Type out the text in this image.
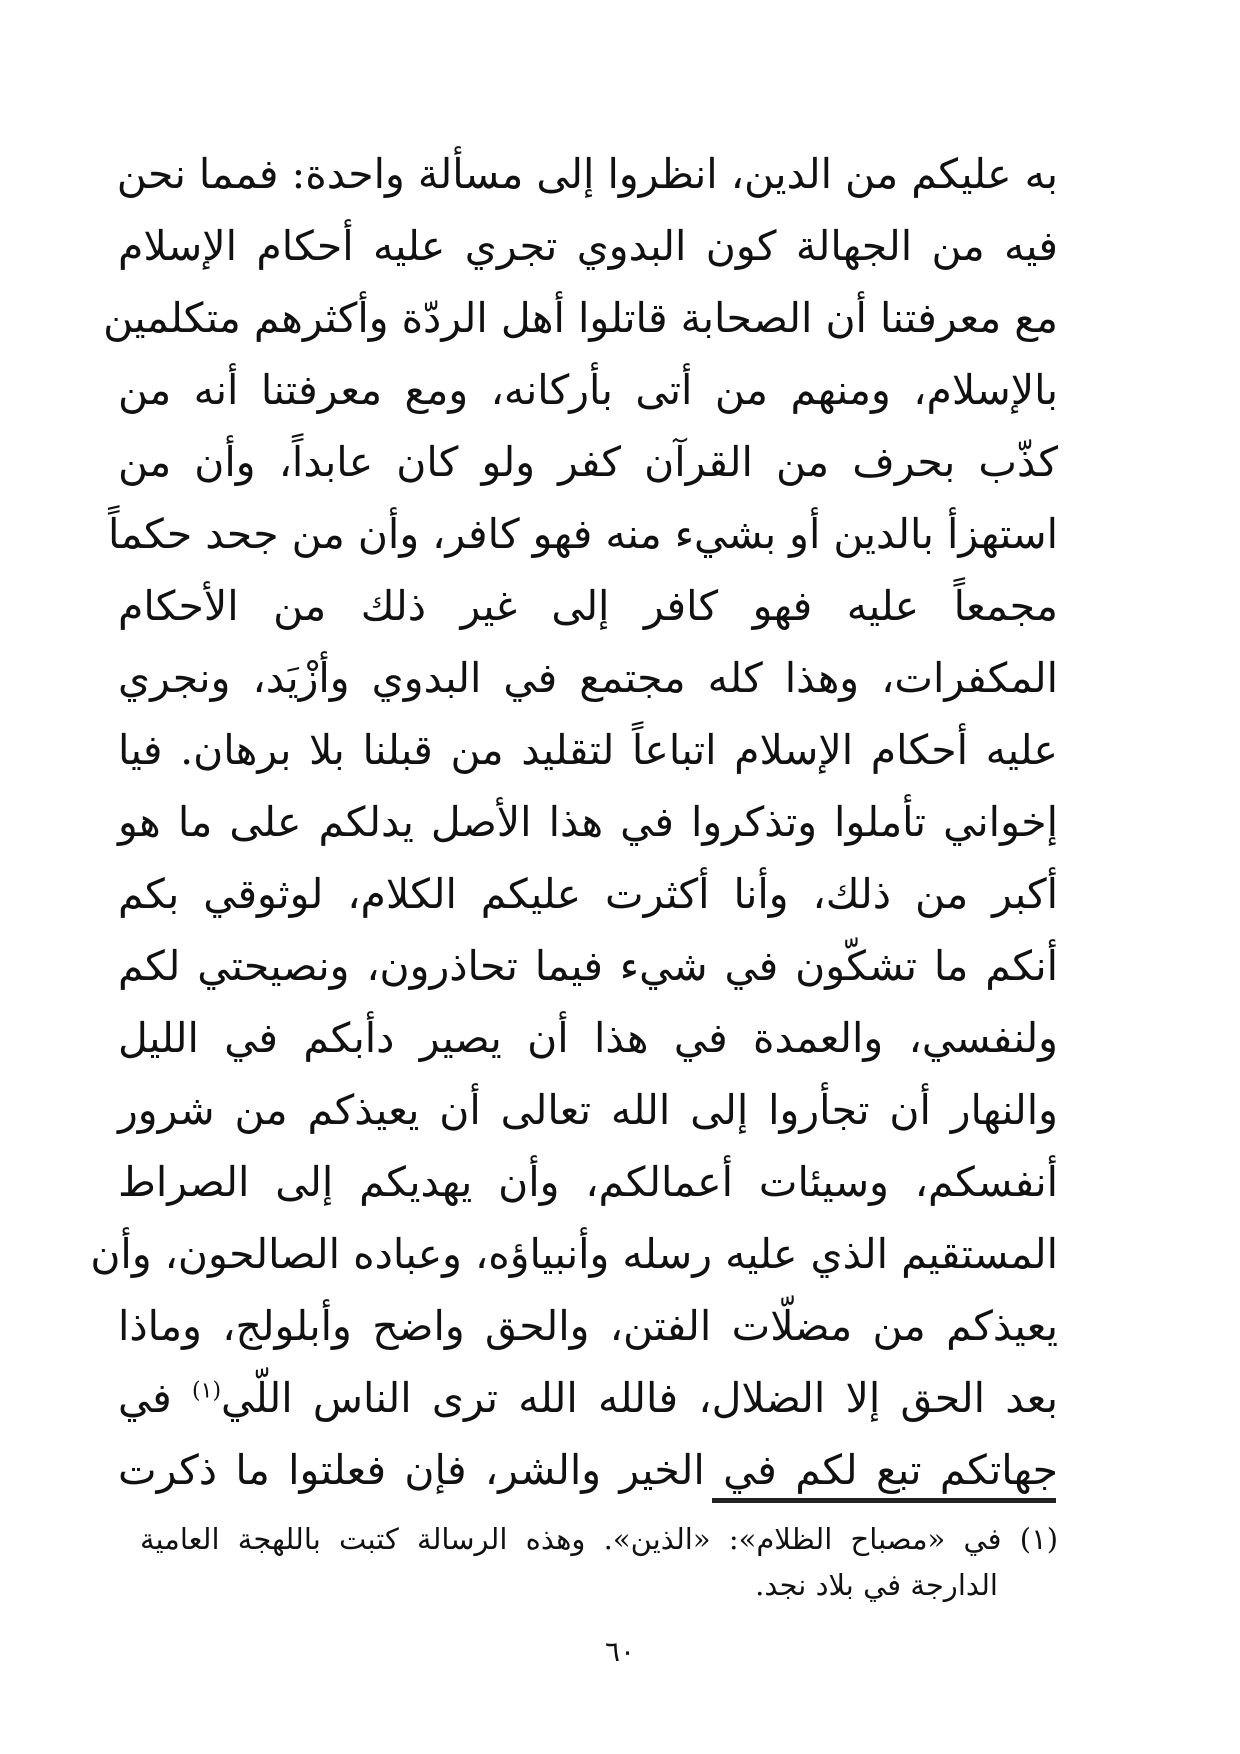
به عليكم من الدين، انظروا إلى مسألة واحدة: فمما نحن
فيه من الجهالة كون البدوي تجري عليه أحكام الإسلام
مع معرفتنا أن الصحابة قاتلوا أهل الردّة وأكثرهم متكلمين
بالإسلام، ومنهم من أتى بأركانه، ومع معرفتنا أنه من
كذّب بحرف من القرآن كفر ولو كان عابداً، وأن من
استهزأ بالدين أو بشيء منه فهو كافر، وأن من جحد حكماً
مجمعاً عليه فهو كافر إلى غير ذلك من الأحكام
المكفرات، وهذا كله مجتمع في البدوي وأزْيَد، ونجري
عليه أحكام الإسلام اتباعاً لتقليد من قبلنا بلا برهان. فيا
إخواني تأملوا وتذكروا في هذا الأصل يدلكم على ما هو
أكبر من ذلك، وأنا أكثرت عليكم الكلام، لوثوقي بكم
أنكم ما تشكّون في شيء فيما تحاذرون، ونصيحتي لكم
ولنفسي، والعمدة في هذا أن يصير دأبكم في الليل
والنهار أن تجأروا إلى الله تعالى أن يعيذكم من شرور
أنفسكم، وسيئات أعمالكم، وأن يهديكم إلى الصراط
المستقيم الذي عليه رسله وأنبياؤه، وعباده الصالحون، وأن
يعيذكم من مضلّات الفتن، والحق واضح وأبلولج، وماذا
بعد الحق إلا الضلال، فالله الله ترى الناس اللّي$^{(١)}$ في
جهاتكم تبع لكم في الخير والشر، فإن فعلتوا ما ذكرت
(١) في «مصباح الظلام»: «الذين». وهذه الرسالة كتبت باللهجة العامية
الدارجة في بلاد نجد.
٦٠
